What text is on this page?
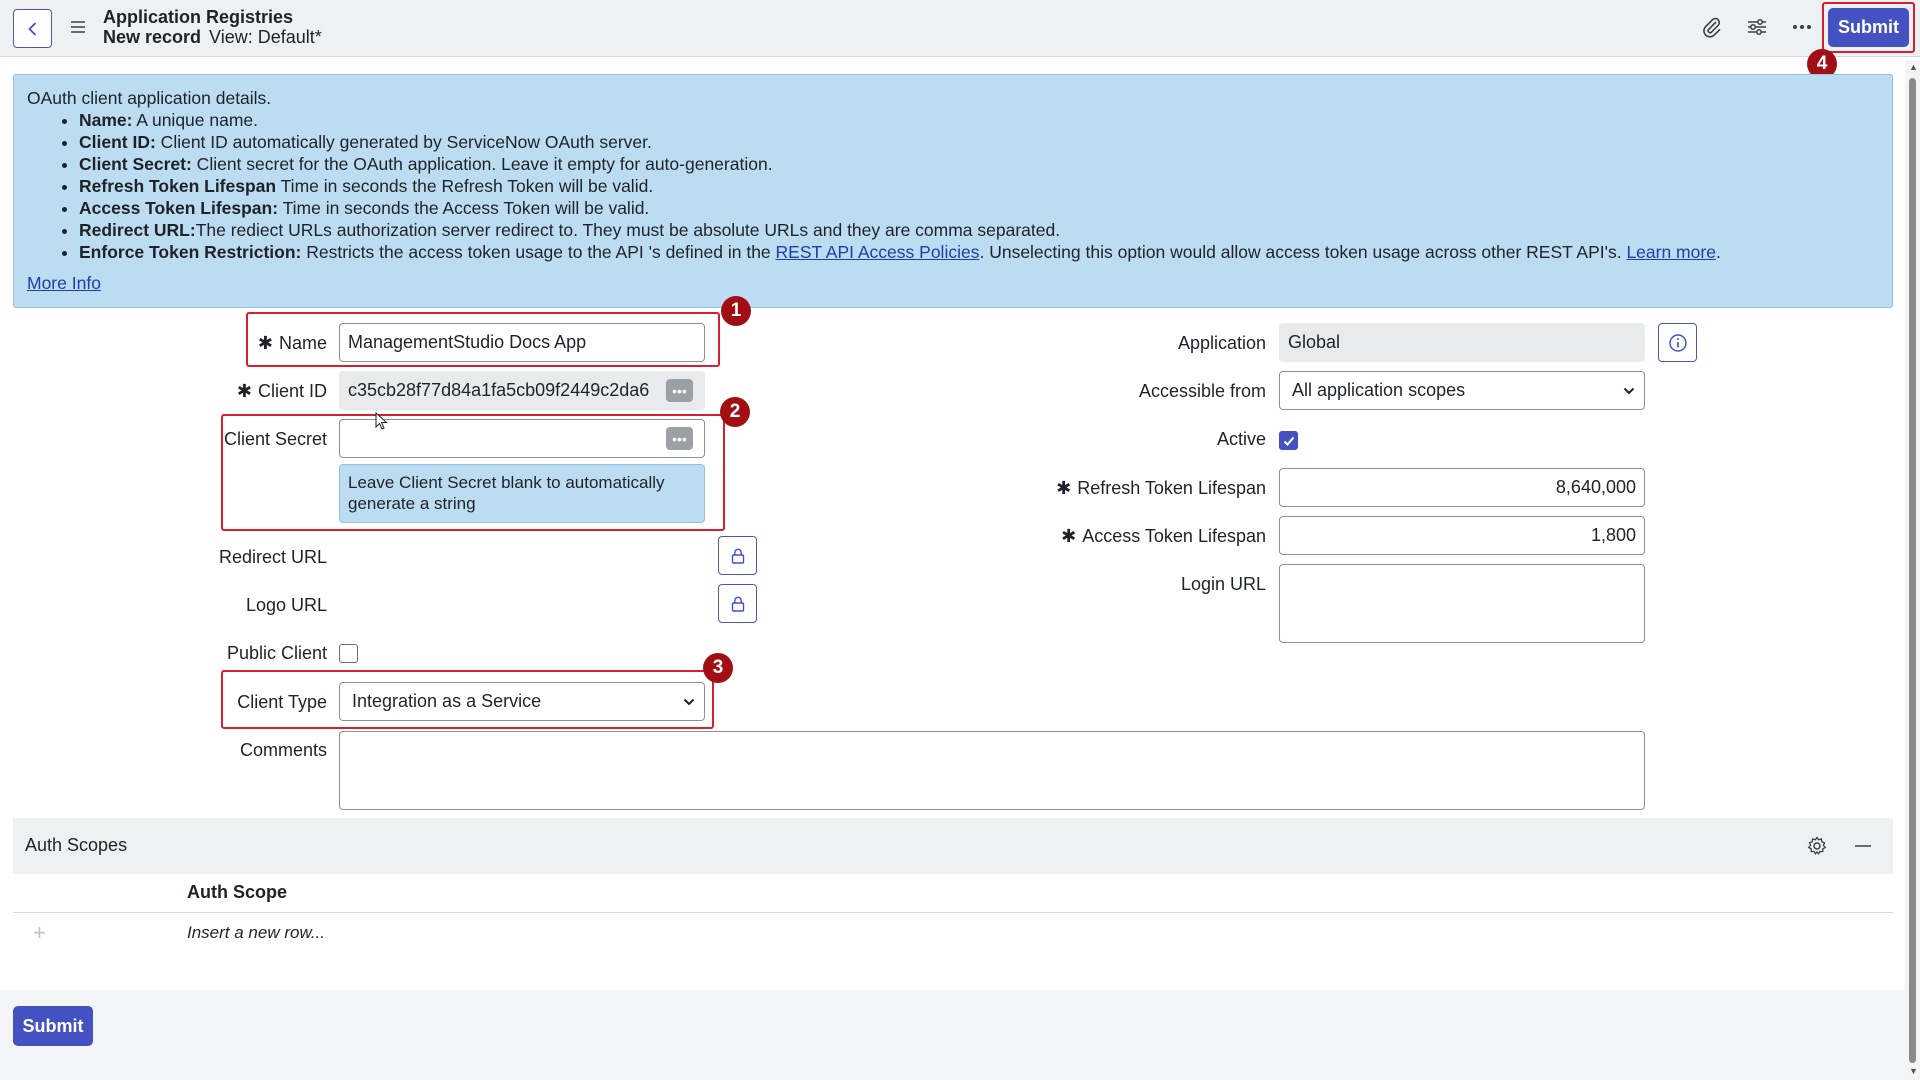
Application Registries
New record View: Default*	Submit
4	▲
▼
OAuth client application details.
• Name: A unique name.
• Client ID: Client ID automatically generated by ServiceNow OAuth server.
• Client Secret: Client secret for the OAuth application. Leave it empty for auto-generation.
• Refresh Token Lifespan Time in seconds the Refresh Token will be valid.
• Access Token Lifespan: Time in seconds the Access Token will be valid.
• Redirect URL:The rediect URLs authorization server redirect to. They must be absolute URLs and they are comma separated.
• Enforce Token Restriction: Restricts the access token usage to the API 's defined in the REST API Access Policies. Unselecting this option would allow access token usage across other REST API's. Learn more.
More Info
1
✱ Name	ManagementStudio Docs App
✱ Client ID	c35cb28f77d84a1fa5cb09f2449c2da6	•••
2
Client Secret	•••
Leave Client Secret blank to automatically generate a string
Redirect URL
Logo URL
Public Client
3
Client Type Integration as a Service
Comments
Application	Global
Accessible from All application scopes
Active
✱ Refresh Token Lifespan	8,640,000
✱ Access Token Lifespan	1,800
Login URL
Auth Scopes
Auth Scope
+	Insert a new row...
Submit
